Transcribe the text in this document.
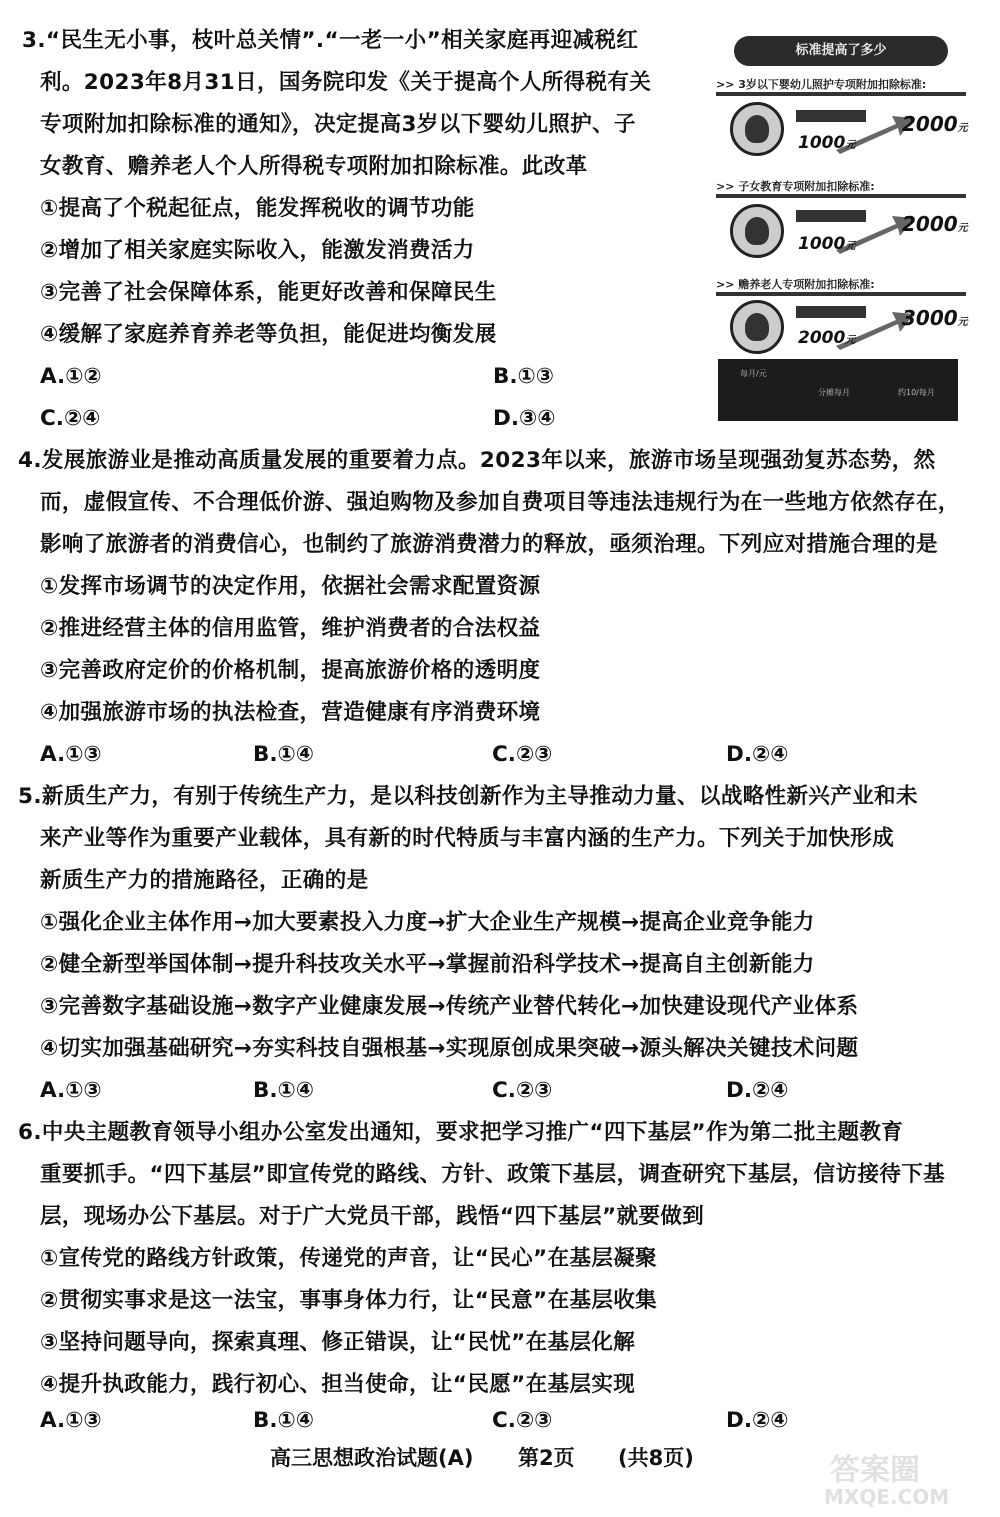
3.“民生无小事，枝叶总关情”.“一老一小”相关家庭再迎减税红
利。2023年8月31日，国务院印发《关于提高个人所得税有关
专项附加扣除标准的通知》，决定提高3岁以下婴幼儿照护、子
女教育、赡养老人个人所得税专项附加扣除标准。此改革
①提高了个税起征点，能发挥税收的调节功能
②增加了相关家庭实际收入，能激发消费活力
③完善了社会保障体系，能更好改善和保障民生
④缓解了家庭养育养老等负担，能促进均衡发展
A.①②	B.①③
C.②④	D.③④
标准提高了多少
>> 3岁以下婴幼儿照护专项附加扣除标准:
1000元
2000元
>> 子女教育专项附加扣除标准:
1000元
2000元
>> 赡养老人专项附加扣除标准:
2000元
3000元
每月/元
分摊每月	约10/每月
4.发展旅游业是推动高质量发展的重要着力点。2023年以来，旅游市场呈现强劲复苏态势，然
而，虚假宣传、不合理低价游、强迫购物及参加自费项目等违法违规行为在一些地方依然存在，
影响了旅游者的消费信心，也制约了旅游消费潜力的释放，亟须治理。下列应对措施合理的是
①发挥市场调节的决定作用，依据社会需求配置资源
②推进经营主体的信用监管，维护消费者的合法权益
③完善政府定价的价格机制，提高旅游价格的透明度
④加强旅游市场的执法检查，营造健康有序消费环境
A.①③	B.①④	C.②③	D.②④
5.新质生产力，有别于传统生产力，是以科技创新作为主导推动力量、以战略性新兴产业和未
来产业等作为重要产业载体，具有新的时代特质与丰富内涵的生产力。下列关于加快形成
新质生产力的措施路径，正确的是
①强化企业主体作用→加大要素投入力度→扩大企业生产规模→提高企业竞争能力
②健全新型举国体制→提升科技攻关水平→掌握前沿科学技术→提高自主创新能力
③完善数字基础设施→数字产业健康发展→传统产业替代转化→加快建设现代产业体系
④切实加强基础研究→夯实科技自强根基→实现原创成果突破→源头解决关键技术问题
A.①③	B.①④	C.②③	D.②④
6.中央主题教育领导小组办公室发出通知，要求把学习推广“四下基层”作为第二批主题教育
重要抓手。“四下基层”即宣传党的路线、方针、政策下基层，调查研究下基层，信访接待下基
层，现场办公下基层。对于广大党员干部，践悟“四下基层”就要做到
①宣传党的路线方针政策，传递党的声音，让“民心”在基层凝聚
②贯彻实事求是这一法宝，事事身体力行，让“民意”在基层收集
③坚持问题导向，探索真理、修正错误，让“民忧”在基层化解
④提升执政能力，践行初心、担当使命，让“民愿”在基层实现
A.①③	B.①④	C.②③	D.②④
高三思想政治试题(A) 第2页 (共8页)	答案圈
MXQE.COM
